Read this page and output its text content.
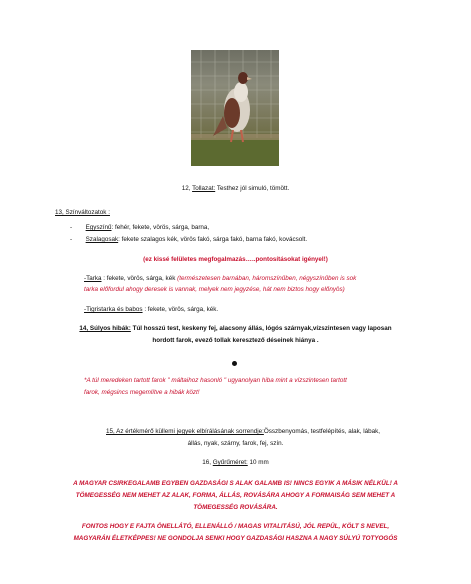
12, Tollazat: Testhez jól simuló, tömött.
13, Színváltozatok :
- Egyszínű: fehér, fekete, vörös, sárga, barna,
- Szalagosak: fekete szalagos kék, vörös fakó, sárga fakó, barna fakó, kovácsolt.
(ez kissé felületes megfogalmazás…..pontosításokat igényel!)
-Tarka : fekete, vörös, sárga, kék (természetesen barnában, háromszínűben, négyszínűben is sok
tarka előfordul ahogy deresek is vannak, melyek nem jegyzése, hát nem biztos hogy előnyös)
-Tigristarka és babos : fekete, vörös, sárga, kék.
14, Súlyos hibák: Túl hosszú test, keskeny fej, alacsony állás, lógós szárnyak,vízszintesen vagy laposan
hordott farok, evező tollak keresztező déseinek hiánya .
*A túl meredeken tartott farok " máltaihoz hasonló " ugyanolyan hiba mint a vízszintesen tartott
farok, mégsincs megemlítve a hibák közt!
15, Az értékmérő küllemi jegyek elbírálásának sorrendje:Összbenyomás, testfelépítés, alak, lábak,
állás, nyak, szárny, farok, fej, szín.
16, Gyűrűméret: 10 mm
A MAGYAR CSIRKEGALAMB EGYBEN GAZDASÁGI S ALAK GALAMB IS! NINCS EGYIK A MÁSIK NÉLKÜL! A
TÖMEGESSÉG NEM MEHET AZ ALAK, FORMA, ÁLLÁS, ROVÁSÁRA AHOGY A FORMAISÁG SEM MEHET A
TÖMEGESSÉG ROVÁSÁRA.
FONTOS HOGY E FAJTA ÖNELLÁTÓ, ELLENÁLLÓ / MAGAS VITALITÁSÚ, JÓL REPÜL, KÖLT S NEVEL,
MAGYARÁN ÉLETKÉPPES! NE GONDOLJA SENKI HOGY GAZDASÁGI HASZNA A NAGY SÚLYÚ TOTYOGÓS
